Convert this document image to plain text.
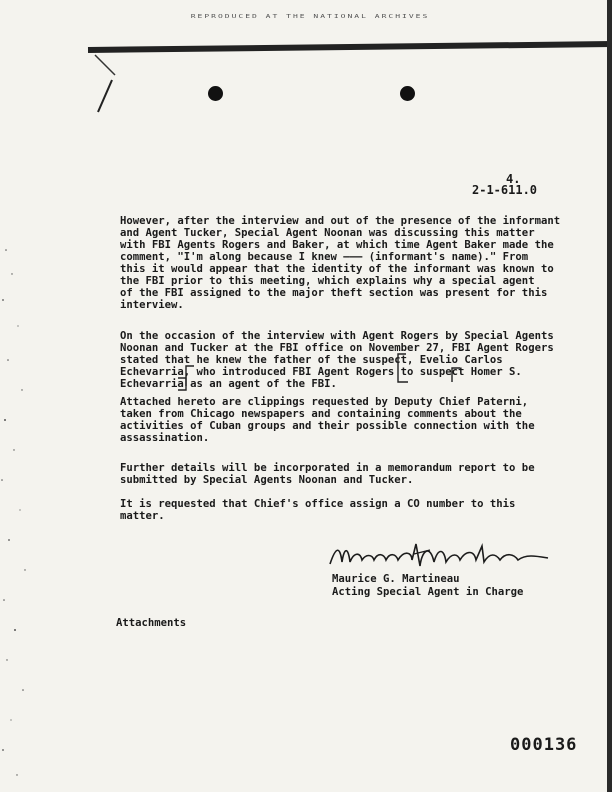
REPRODUCED AT THE NATIONAL ARCHIVES
4.
2-1-611.0
However, after the interview and out of the presence of the informant
and Agent Tucker, Special Agent Noonan was discussing this matter
with FBI Agents Rogers and Baker, at which time Agent Baker made the
comment, "I'm along because I knew ——— (informant's name)." From
this it would appear that the identity of the informant was known to
the FBI prior to this meeting, which explains why a special agent
of the FBI assigned to the major theft section was present for this
interview.
On the occasion of the interview with Agent Rogers by Special Agents
Noonan and Tucker at the FBI office on November 27, FBI Agent Rogers
stated that he knew the father of the suspect, Evelio Carlos
Echevarria, who introduced FBI Agent Rogers to suspect Homer S.
Echevarria as an agent of the FBI.
Attached hereto are clippings requested by Deputy Chief Paterni,
taken from Chicago newspapers and containing comments about the
activities of Cuban groups and their possible connection with the
assassination.
Further details will be incorporated in a memorandum report to be
submitted by Special Agents Noonan and Tucker.
It is requested that Chief's office assign a CO number to this
matter.
Maurice G. Martineau
Acting Special Agent in Charge
Attachments
000136
